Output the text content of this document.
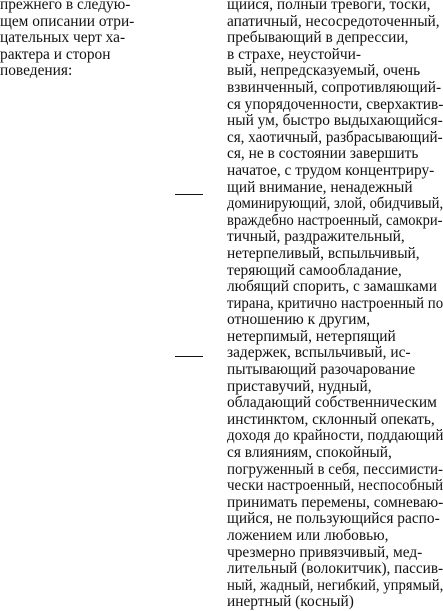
прежнего в следую-
щем описании отри-
цательных черт ха-
рактера и сторон
поведения:
щийся, полный тревоги, тоски,
апатичный, несосредоточенный,
пребывающий в депрессии,
в страхе, неустойчи-
вый, непредсказуемый, очень
взвинченный, сопротивляющий-
ся упорядоченности, сверхактив-
ный ум, быстро выдыхающийся-
ся, хаотичный, разбрасывающий-
ся, не в состоянии завершить
начатое, с трудом концентриру-
щий внимание, ненадежный
доминирующий, злой, обидчивый,
враждебно настроенный, самокри-
тичный, раздражительный,
нетерпеливый, вспыльчивый,
теряющий самообладание,
любящий спорить, с замашками
тирана, критично настроенный по
отношению к другим,
нетерпимый, нетерпящий
задержек, вспыльчивый, ис-
пытывающий разочарование
приставучий, нудный,
обладающий собственническим
инстинктом, склонный опекать,
доходя до крайности, поддающий
ся влияниям, спокойный,
погруженный в себя, пессимисти-
чески настроенный, неспособный
принимать перемены, сомневаю-
щийся, не пользующийся распо-
ложением или любовью,
чрезмерно привязчивый, мед-
лительный (волокитчик), пассив-
ный, жадный, негибкий, упрямый,
инертный (косный)
